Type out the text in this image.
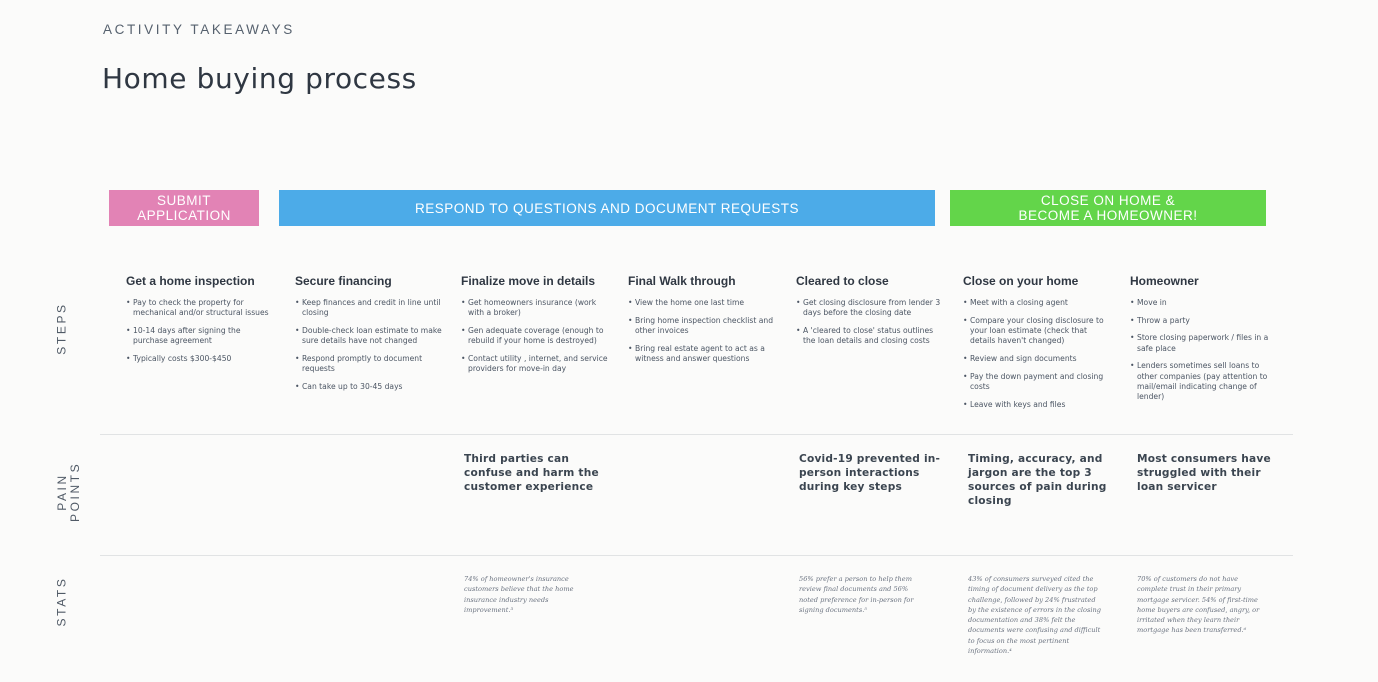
ACTIVITY TAKEAWAYS
Home buying process
SUBMIT
APPLICATION	RESPOND TO QUESTIONS AND DOCUMENT REQUESTS	CLOSE ON HOME &
BECOME A HOMEOWNER!
STEPS
PAIN
POINTS
STATS
Get a home inspection
• Pay to check the property for mechanical and/or structural issues
• 10-14 days after signing the purchase agreement
• Typically costs $300-$450
Secure financing
• Keep finances and credit in line until closing
• Double-check loan estimate to make sure details have not changed
• Respond promptly to document requests
• Can take up to 30-45 days
Finalize move in details
• Get homeowners insurance (work with a broker)
• Gen adequate coverage (enough to rebuild if your home is destroyed)
• Contact utility , internet, and service providers for move-in day
Final Walk through
• View the home one last time
• Bring home inspection checklist and other invoices
• Bring real estate agent to act as a witness and answer questions
Cleared to close
• Get closing disclosure from lender 3 days before the closing date
• A 'cleared to close' status outlines the loan details and closing costs
Close on your home
• Meet with a closing agent
• Compare your closing disclosure to your loan estimate (check that details haven't changed)
• Review and sign documents
• Pay the down payment and closing costs
• Leave with keys and files
Homeowner
• Move in
• Throw a party
• Store closing paperwork / files in a safe place
• Lenders sometimes sell loans to other companies (pay attention to mail/email indicating change of lender)
Third parties can confuse and harm the customer experience
Covid-19 prevented in-person interactions during key steps
Timing, accuracy, and jargon are the top 3 sources of pain during closing
Most consumers have struggled with their loan servicer
74% of homeowner's insurance customers believe that the home insurance industry needs improvement.³
56% prefer a person to help them review final documents and 56% noted preference for in-person for signing documents.⁵
43% of consumers surveyed cited the timing of document delivery as the top challenge, followed by 24% frustrated by the existence of errors in the closing documentation and 38% felt the documents were confusing and difficult to focus on the most pertinent information.⁴
70% of customers do not have complete trust in their primary mortgage servicer. 54% of first-time home buyers are confused, angry, or irritated when they learn their mortgage has been transferred.⁶
